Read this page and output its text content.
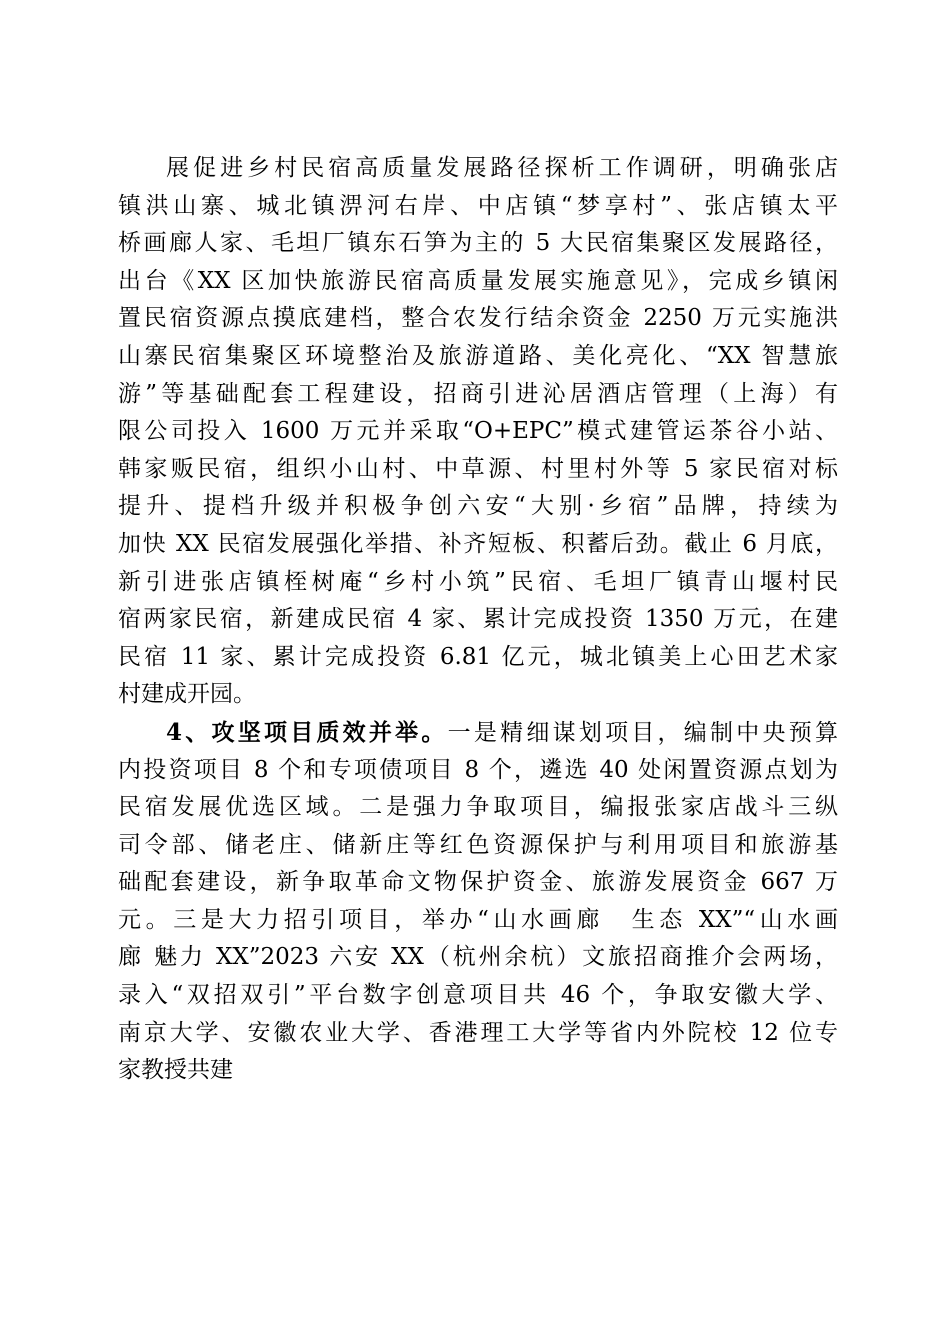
展促进乡村民宿高质量发展路径探析工作调研，明确张店
镇洪山寨、城北镇淠河右岸、中店镇“梦享村”、张店镇太平
桥画廊人家、毛坦厂镇东石笋为主的 5 大民宿集聚区发展路径，
出台《XX 区加快旅游民宿高质量发展实施意见》，完成乡镇闲
置民宿资源点摸底建档，整合农发行结余资金 2250 万元实施洪
山寨民宿集聚区环境整治及旅游道路、美化亮化、“XX 智慧旅
游”等基础配套工程建设，招商引进沁居酒店管理（上海）有
限公司投入 1600 万元并采取“O+EPC”模式建管运茶谷小站、
韩家贩民宿，组织小山村、中草源、村里村外等 5 家民宿对标
提升、提档升级并积极争创六安“大别·乡宿”品牌，持续为
加快 XX 民宿发展强化举措、补齐短板、积蓄后劲。截止 6 月底，
新引进张店镇桎树庵“乡村小筑”民宿、毛坦厂镇青山堰村民
宿两家民宿，新建成民宿 4 家、累计完成投资 1350 万元，在建
民宿 11 家、累计完成投资 6.81 亿元，城北镇美上心田艺术家
村建成开园。
4、攻坚项目质效并举。一是精细谋划项目，编制中央预算
内投资项目 8 个和专项债项目 8 个，遴选 40 处闲置资源点划为
民宿发展优选区域。二是强力争取项目，编报张家店战斗三纵
司令部、储老庄、储新庄等红色资源保护与利用项目和旅游基
础配套建设，新争取革命文物保护资金、旅游发展资金 667 万
元。三是大力招引项目，举办“山水画廊　生态 XX”“山水画
廊 魅力 XX”2023 六安 XX（杭州余杭）文旅招商推介会两场，
录入“双招双引”平台数字创意项目共 46 个，争取安徽大学、
南京大学、安徽农业大学、香港理工大学等省内外院校 12 位专
家教授共建
